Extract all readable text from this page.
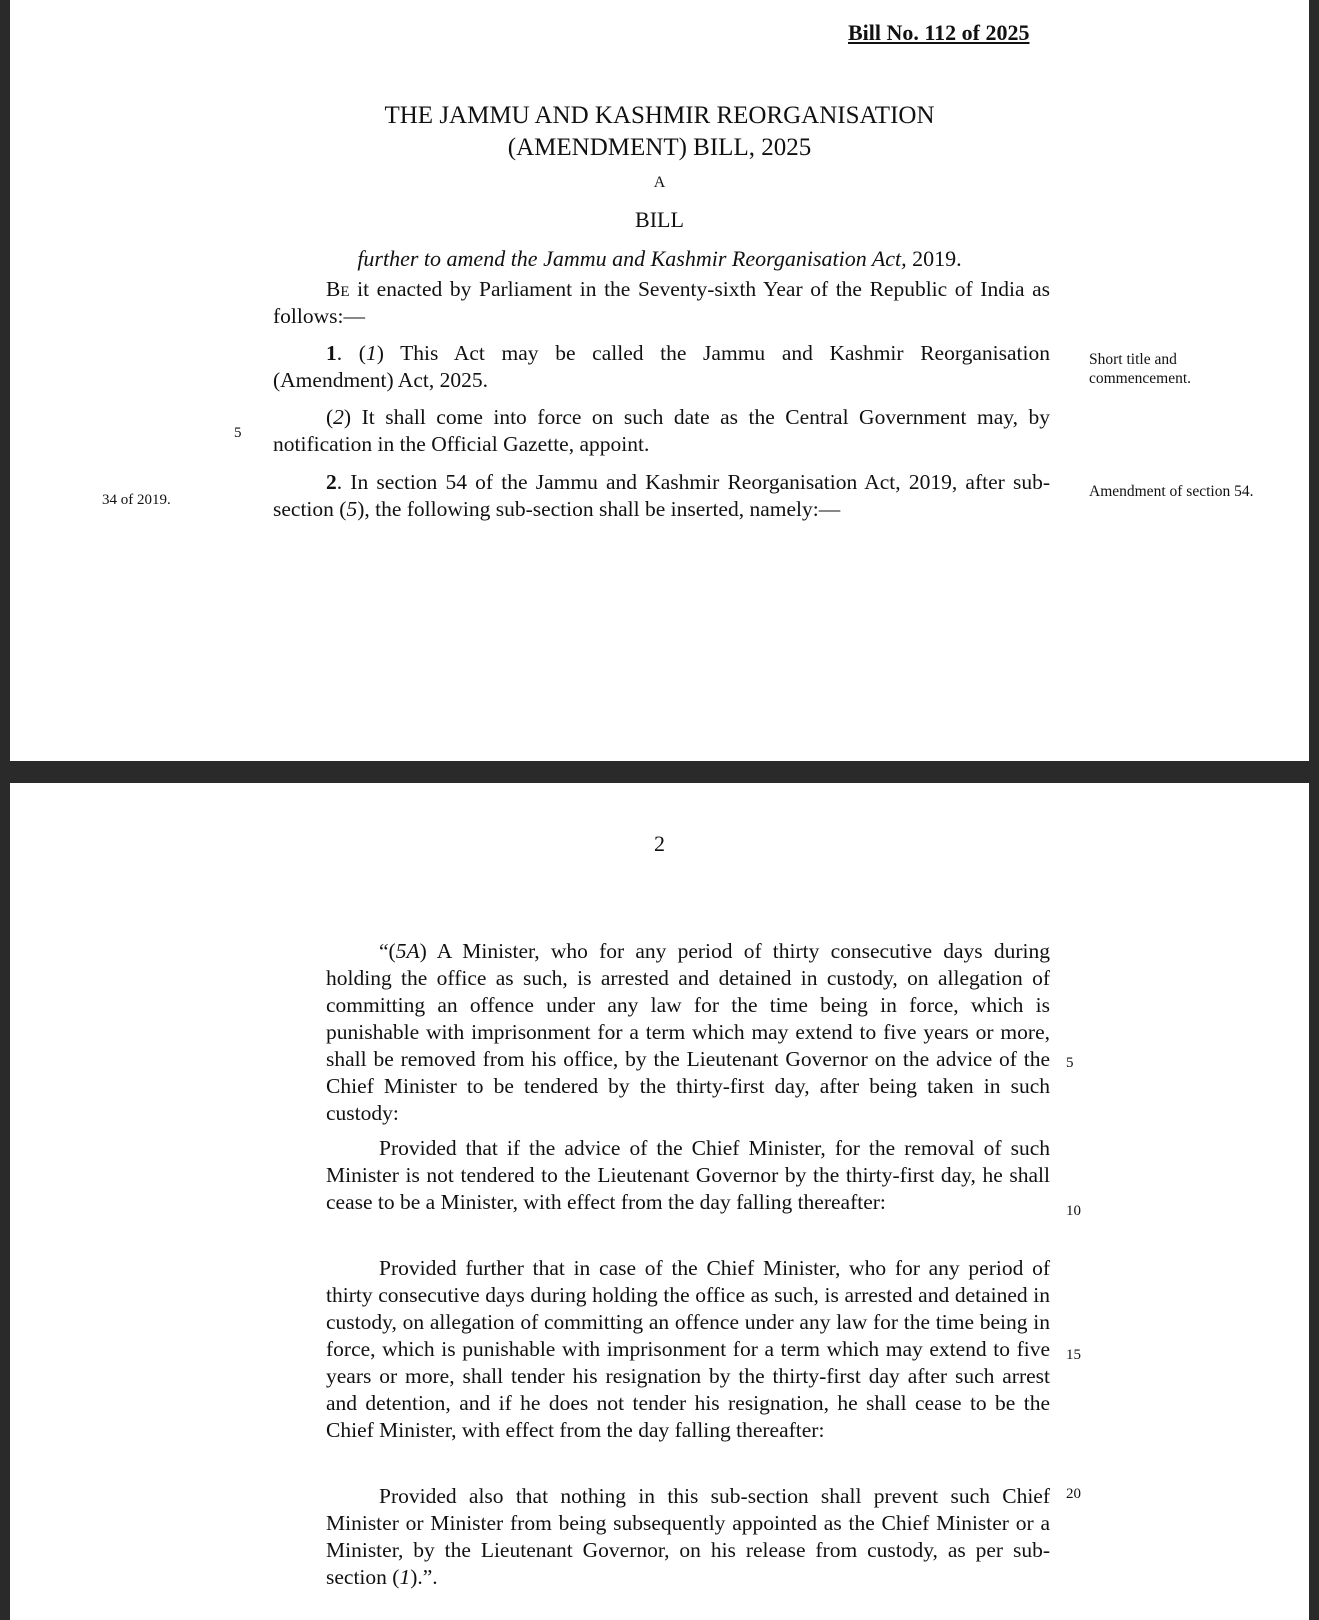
Bill No. 112 of 2025
THE JAMMU AND KASHMIR REORGANISATION
(AMENDMENT) BILL, 2025
A
BILL
further to amend the Jammu and Kashmir Reorganisation Act, 2019.
Be it enacted by Parliament in the Seventy-sixth Year of the Republic of India as follows:—
1. (1) This Act may be called the Jammu and Kashmir Reorganisation (Amendment) Act, 2025.
Short title and commencement.
5
(2) It shall come into force on such date as the Central Government may, by notification in the Official Gazette, appoint.
34 of 2019.
2. In section 54 of the Jammu and Kashmir Reorganisation Act, 2019, after sub-section (5), the following sub-section shall be inserted, namely:—
Amendment of section 54.
2
“(5A) A Minister, who for any period of thirty consecutive days during holding the office as such, is arrested and detained in custody, on allegation of committing an offence under any law for the time being in force, which is punishable with imprisonment for a term which may extend to five years or more, shall be removed from his office, by the Lieutenant Governor on the advice of the Chief Minister to be tendered by the thirty-first day, after being taken in such custody:
5
Provided that if the advice of the Chief Minister, for the removal of such Minister is not tendered to the Lieutenant Governor by the thirty-first day, he shall cease to be a Minister, with effect from the day falling thereafter:	10
Provided further that in case of the Chief Minister, who for any period of thirty consecutive days during holding the office as such, is arrested and detained in custody, on allegation of committing an offence under any law for the time being in force, which is punishable with imprisonment for a term which may extend to five years or more, shall tender his resignation by the thirty-first day after such arrest and detention, and if he does not tender his resignation, he shall cease to be the Chief Minister, with effect from the day falling thereafter:
15
Provided also that nothing in this sub-section shall prevent such Chief Minister or Minister from being subsequently appointed as the Chief Minister or a Minister, by the Lieutenant Governor, on his release from custody, as per sub-section (1).”.
20
